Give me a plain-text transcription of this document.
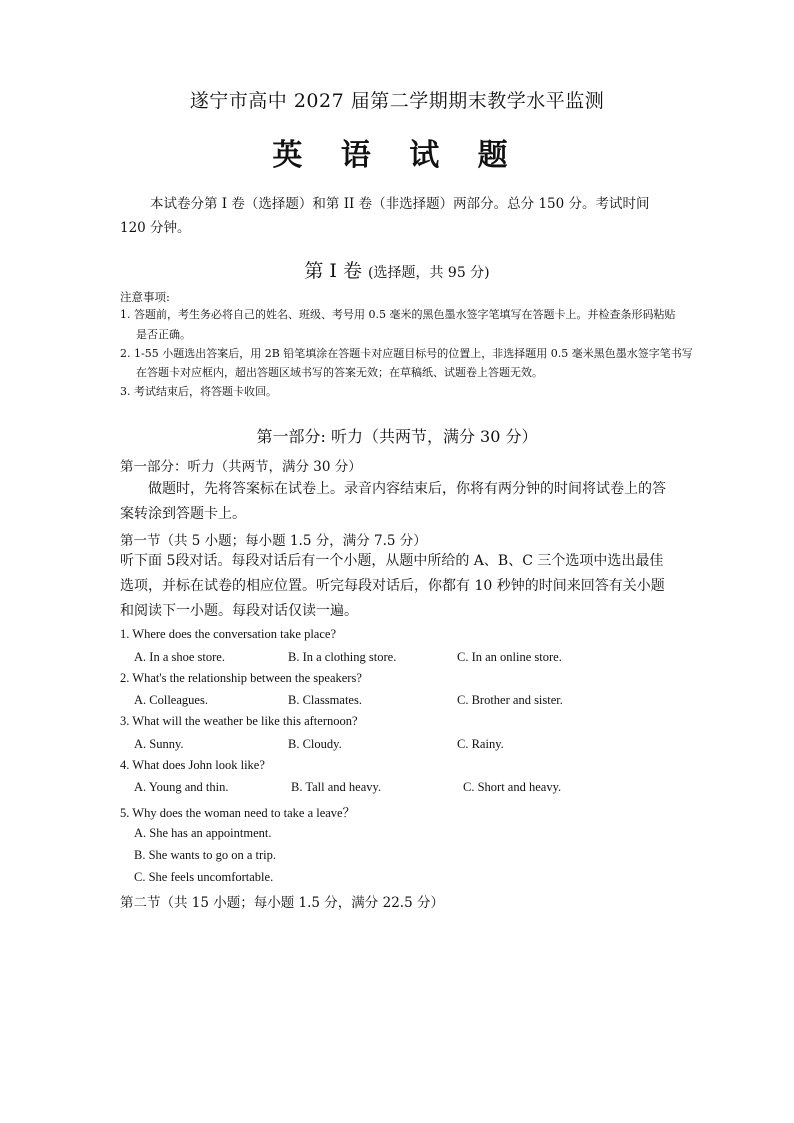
遂宁市高中 2027 届第二学期期末教学水平监测
英 语 试 题
本试卷分第 I 卷（选择题）和第 II 卷（非选择题）两部分。总分 150 分。考试时间
120 分钟。
第 I 卷 (选择题，共 95 分)
注意事项:
1. 答题前，考生务必将自己的姓名、班级、考号用 0.5 毫米的黑色墨水签字笔填写在答题卡上。并检查条形码粘贴
是否正确。
2. 1-55 小题选出答案后，用 2B 铅笔填涂在答题卡对应题目标号的位置上，非选择题用 0.5 毫米黑色墨水签字笔书写
在答题卡对应框内，超出答题区域书写的答案无效；在草稿纸、试题卷上答题无效。
3. 考试结束后，将答题卡收回。
第一部分: 听力（共两节，满分 30 分）
第一部分：听力（共两节，满分 30 分）
做题时，先将答案标在试卷上。录音内容结束后，你将有两分钟的时间将试卷上的答案转涂到答题卡上。
第一节（共 5 小题；每小题 1.5 分，满分 7.5 分）
听下面 5段对话。每段对话后有一个小题，从题中所给的 A、B、C 三个选项中选出最佳选项，并标在试卷的相应位置。听完每段对话后，你都有 10 秒钟的时间来回答有关小题和阅读下一小题。每段对话仅读一遍。
1. Where does the conversation take place?
A. In a shoe store.	B. In a clothing store.	C. In an online store.
2. What's the relationship between the speakers?
A. Colleagues.	B. Classmates.	C. Brother and sister.
3. What will the weather be like this afternoon?
A. Sunny.	B. Cloudy.	C. Rainy.
4. What does John look like?
A. Young and thin.	B. Tall and heavy.	C. Short and heavy.
5. Why does the woman need to take a leave？
A. She has an appointment.
B. She wants to go on a trip.
C. She feels uncomfortable.
第二节（共 15 小题；每小题 1.5 分，满分 22.5 分）
